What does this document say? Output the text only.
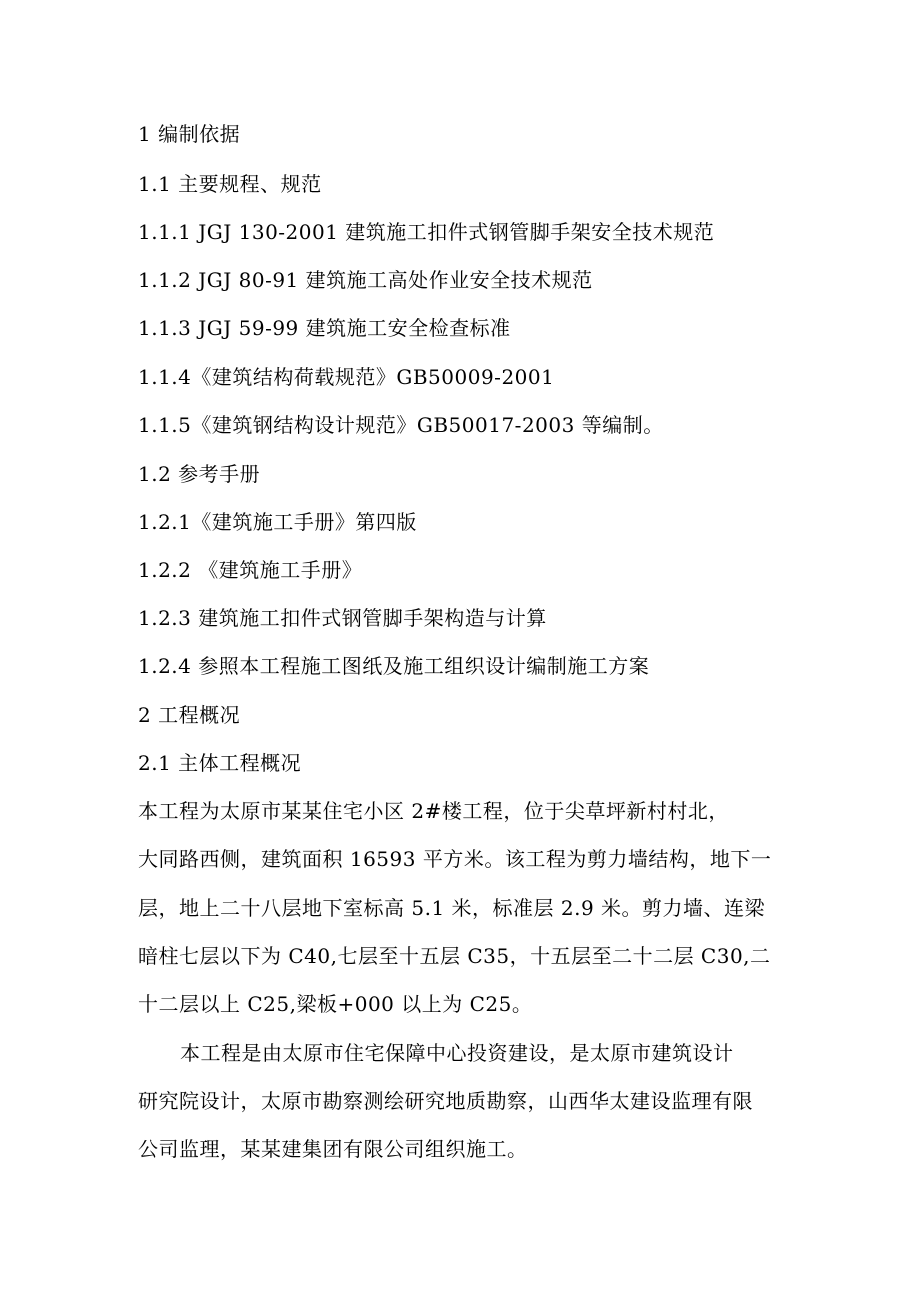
1 编制依据
1.1 主要规程、规范
1.1.1 JGJ 130-2001 建筑施工扣件式钢管脚手架安全技术规范
1.1.2 JGJ 80-91 建筑施工高处作业安全技术规范
1.1.3 JGJ 59-99 建筑施工安全检查标准
1.1.4《建筑结构荷载规范》GB50009-2001
1.1.5《建筑钢结构设计规范》GB50017-2003 等编制。
1.2 参考手册
1.2.1《建筑施工手册》第四版
1.2.2 《建筑施工手册》
1.2.3 建筑施工扣件式钢管脚手架构造与计算
1.2.4 参照本工程施工图纸及施工组织设计编制施工方案
2 工程概况
2.1 主体工程概况
本工程为太原市某某住宅小区 2#楼工程，位于尖草坪新村村北，
大同路西侧，建筑面积 16593 平方米。该工程为剪力墙结构，地下一
层，地上二十八层地下室标高 5.1 米，标准层 2.9 米。剪力墙、连梁
暗柱七层以下为 C40,七层至十五层 C35，十五层至二十二层 C30,二
十二层以上 C25,梁板+000 以上为 C25。
本工程是由太原市住宅保障中心投资建设，是太原市建筑设计
研究院设计，太原市勘察测绘研究地质勘察，山西华太建设监理有限
公司监理，某某建集团有限公司组织施工。
